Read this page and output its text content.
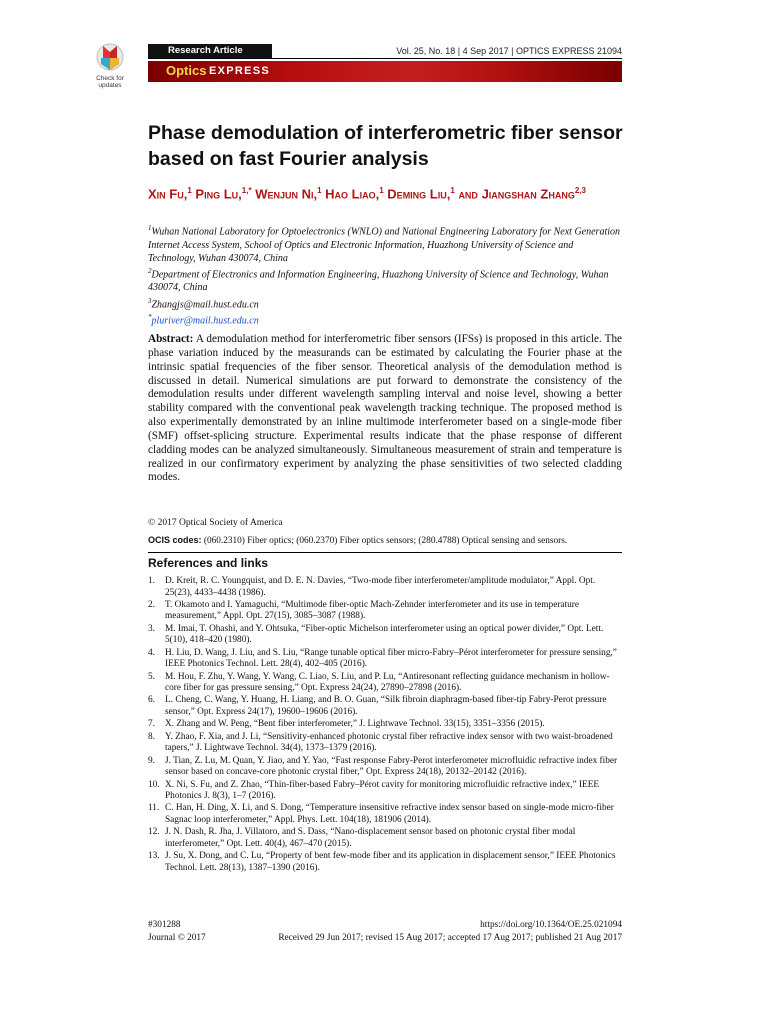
Check for
updates
Research Article	Vol. 25, No. 18 | 4 Sep 2017 | OPTICS EXPRESS 21094
Optics EXPRESS
Phase demodulation of interferometric fiber sensor based on fast Fourier analysis
Xin Fu,$^1$ Ping Lu,$^{1,*}$ Wenjun Ni,$^1$ Hao Liao,$^1$ Deming Liu,$^1$ and Jiangshan Zhang$^{2,3}$
$^1$Wuhan National Laboratory for Optoelectronics (WNLO) and National Engineering Laboratory for Next Generation Internet Access System, School of Optics and Electronic Information, Huazhong University of Science and Technology, Wuhan 430074, China
$^2$Department of Electronics and Information Engineering, Huazhong University of Science and Technology, Wuhan 430074, China
$^3$Zhangjs@mail.hust.edu.cn
*pluriver@mail.hust.edu.cn
Abstract: A demodulation method for interferometric fiber sensors (IFSs) is proposed in this article. The phase variation induced by the measurands can be estimated by calculating the Fourier phase at the intrinsic spatial frequencies of the fiber sensor. Theoretical analysis of the demodulation method is discussed in detail. Numerical simulations are put forward to demonstrate the consistency of the demodulation results under different wavelength sampling interval and noise level, showing a better stability compared with the conventional peak wavelength tracking technique. The proposed method is also experimentally demonstrated by an inline multimode interferometer based on a single-mode fiber (SMF) offset-splicing structure. Experimental results indicate that the phase response of different cladding modes can be analyzed simultaneously. Simultaneous measurement of strain and temperature is realized in our confirmatory experiment by analyzing the phase sensitivities of two selected cladding modes.
© 2017 Optical Society of America
OCIS codes: (060.2310) Fiber optics; (060.2370) Fiber optics sensors; (280.4788) Optical sensing and sensors.
References and links
1. D. Kreit, R. C. Youngquist, and D. E. N. Davies, “Two-mode fiber interferometer/amplitude modulator,” Appl. Opt. 25(23), 4433–4438 (1986).
2. T. Okamoto and I. Yamaguchi, “Multimode fiber-optic Mach-Zehnder interferometer and its use in temperature measurement,” Appl. Opt. 27(15), 3085–3087 (1988).
3. M. Imai, T. Ohashi, and Y. Ohtsuka, “Fiber-optic Michelson interferometer using an optical power divider,” Opt. Lett. 5(10), 418–420 (1980).
4. H. Liu, D. Wang, J. Liu, and S. Liu, “Range tunable optical fiber micro-Fabry–Pérot interferometer for pressure sensing,” IEEE Photonics Technol. Lett. 28(4), 402–405 (2016).
5. M. Hou, F. Zhu, Y. Wang, Y. Wang, C. Liao, S. Liu, and P. Lu, “Antiresonant reflecting guidance mechanism in hollow-core fiber for gas pressure sensing,” Opt. Express 24(24), 27890–27898 (2016).
6. L. Cheng, C. Wang, Y. Huang, H. Liang, and B. O. Guan, “Silk fibroin diaphragm-based fiber-tip Fabry-Perot pressure sensor,” Opt. Express 24(17), 19600–19606 (2016).
7. X. Zhang and W. Peng, “Bent fiber interferometer,” J. Lightwave Technol. 33(15), 3351–3356 (2015).
8. Y. Zhao, F. Xia, and J. Li, “Sensitivity-enhanced photonic crystal fiber refractive index sensor with two waist-broadened tapers,” J. Lightwave Technol. 34(4), 1373–1379 (2016).
9. J. Tian, Z. Lu, M. Quan, Y. Jiao, and Y. Yao, “Fast response Fabry-Perot interferometer microfluidic refractive index fiber sensor based on concave-core photonic crystal fiber,” Opt. Express 24(18), 20132–20142 (2016).
10. X. Ni, S. Fu, and Z. Zhao, “Thin-fiber-based Fabry–Pérot cavity for monitoring microfluidic refractive index,” IEEE Photonics J. 8(3), 1–7 (2016).
11. C. Han, H. Ding, X. Li, and S. Dong, “Temperature insensitive refractive index sensor based on single-mode micro-fiber Sagnac loop interferometer,” Appl. Phys. Lett. 104(18), 181906 (2014).
12. J. N. Dash, R. Jha, J. Villatoro, and S. Dass, “Nano-displacement sensor based on photonic crystal fiber modal interferometer,” Opt. Lett. 40(4), 467–470 (2015).
13. J. Su, X. Dong, and C. Lu, “Property of bent few-mode fiber and its application in displacement sensor,” IEEE Photonics Technol. Lett. 28(13), 1387–1390 (2016).
#301288	https://doi.org/10.1364/OE.25.021094
Journal © 2017	Received 29 Jun 2017; revised 15 Aug 2017; accepted 17 Aug 2017; published 21 Aug 2017
